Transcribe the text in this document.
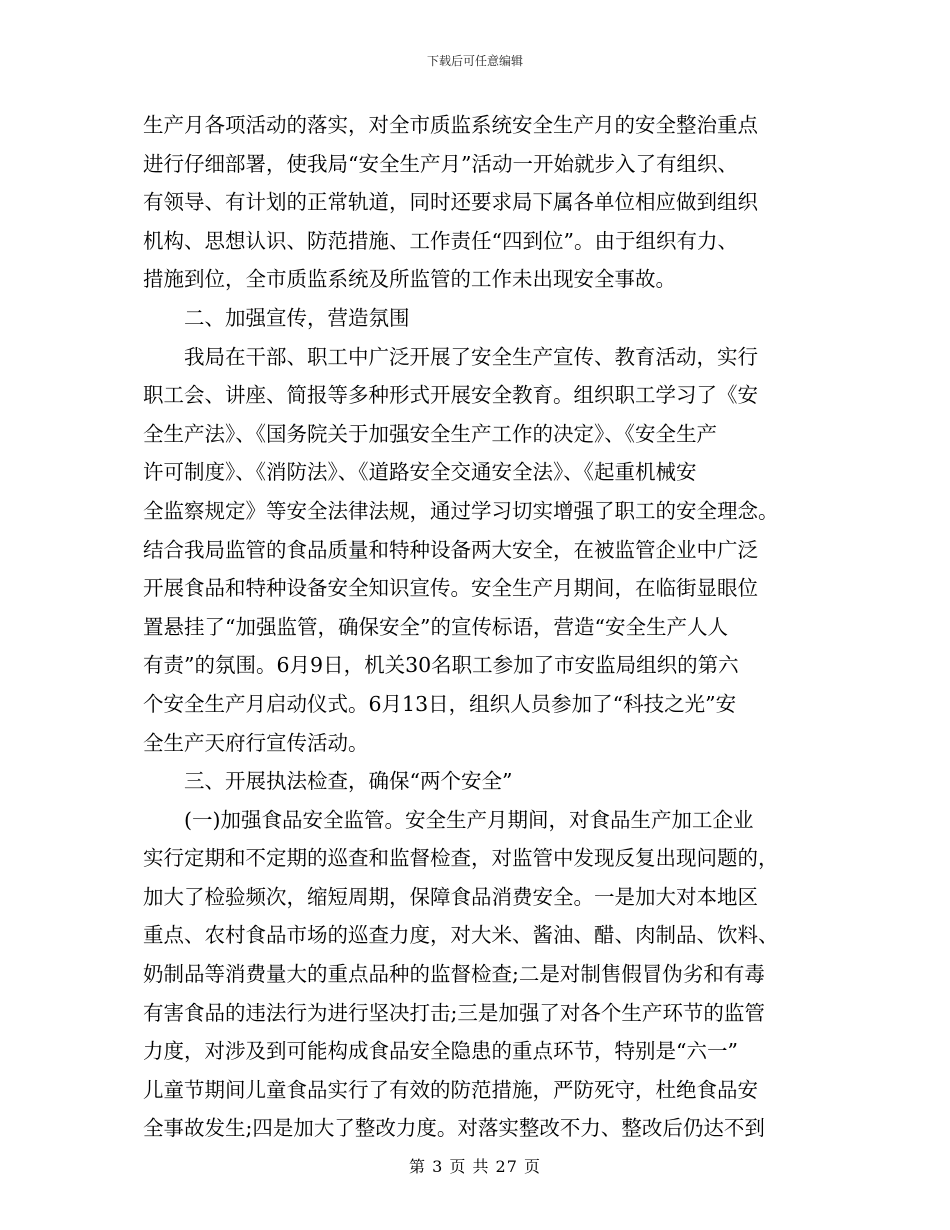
下载后可任意编辑
生产月各项活动的落实，对全市质监系统安全生产月的安全整治重点
进行仔细部署，使我局“安全生产月”活动一开始就步入了有组织、
有领导、有计划的正常轨道，同时还要求局下属各单位相应做到组织
机构、思想认识、防范措施、工作责任“四到位”。由于组织有力、
措施到位，全市质监系统及所监管的工作未出现安全事故。
二、加强宣传，营造氛围
我局在干部、职工中广泛开展了安全生产宣传、教育活动，实行
职工会、讲座、简报等多种形式开展安全教育。组织职工学习了《安
全生产法》、《国务院关于加强安全生产工作的决定》、《安全生产
许可制度》、《消防法》、《道路安全交通安全法》、《起重机械安
全监察规定》等安全法律法规，通过学习切实增强了职工的安全理念。
结合我局监管的食品质量和特种设备两大安全，在被监管企业中广泛
开展食品和特种设备安全知识宣传。安全生产月期间，在临街显眼位
置悬挂了“加强监管，确保安全”的宣传标语，营造“安全生产人人
有责”的氛围。6月9日，机关30名职工参加了市安监局组织的第六
个安全生产月启动仪式。6月13日，组织人员参加了“科技之光”安
全生产天府行宣传活动。
三、开展执法检查，确保“两个安全”
(一)加强食品安全监管。安全生产月期间，对食品生产加工企业
实行定期和不定期的巡查和监督检查，对监管中发现反复出现问题的，
加大了检验频次，缩短周期，保障食品消费安全。一是加大对本地区
重点、农村食品市场的巡查力度，对大米、酱油、醋、肉制品、饮料、
奶制品等消费量大的重点品种的监督检查;二是对制售假冒伪劣和有毒
有害食品的违法行为进行坚决打击;三是加强了对各个生产环节的监管
力度，对涉及到可能构成食品安全隐患的重点环节，特别是“六一”
儿童节期间儿童食品实行了有效的防范措施，严防死守，杜绝食品安
全事故发生;四是加大了整改力度。对落实整改不力、整改后仍达不到
第 3 页 共 27 页
